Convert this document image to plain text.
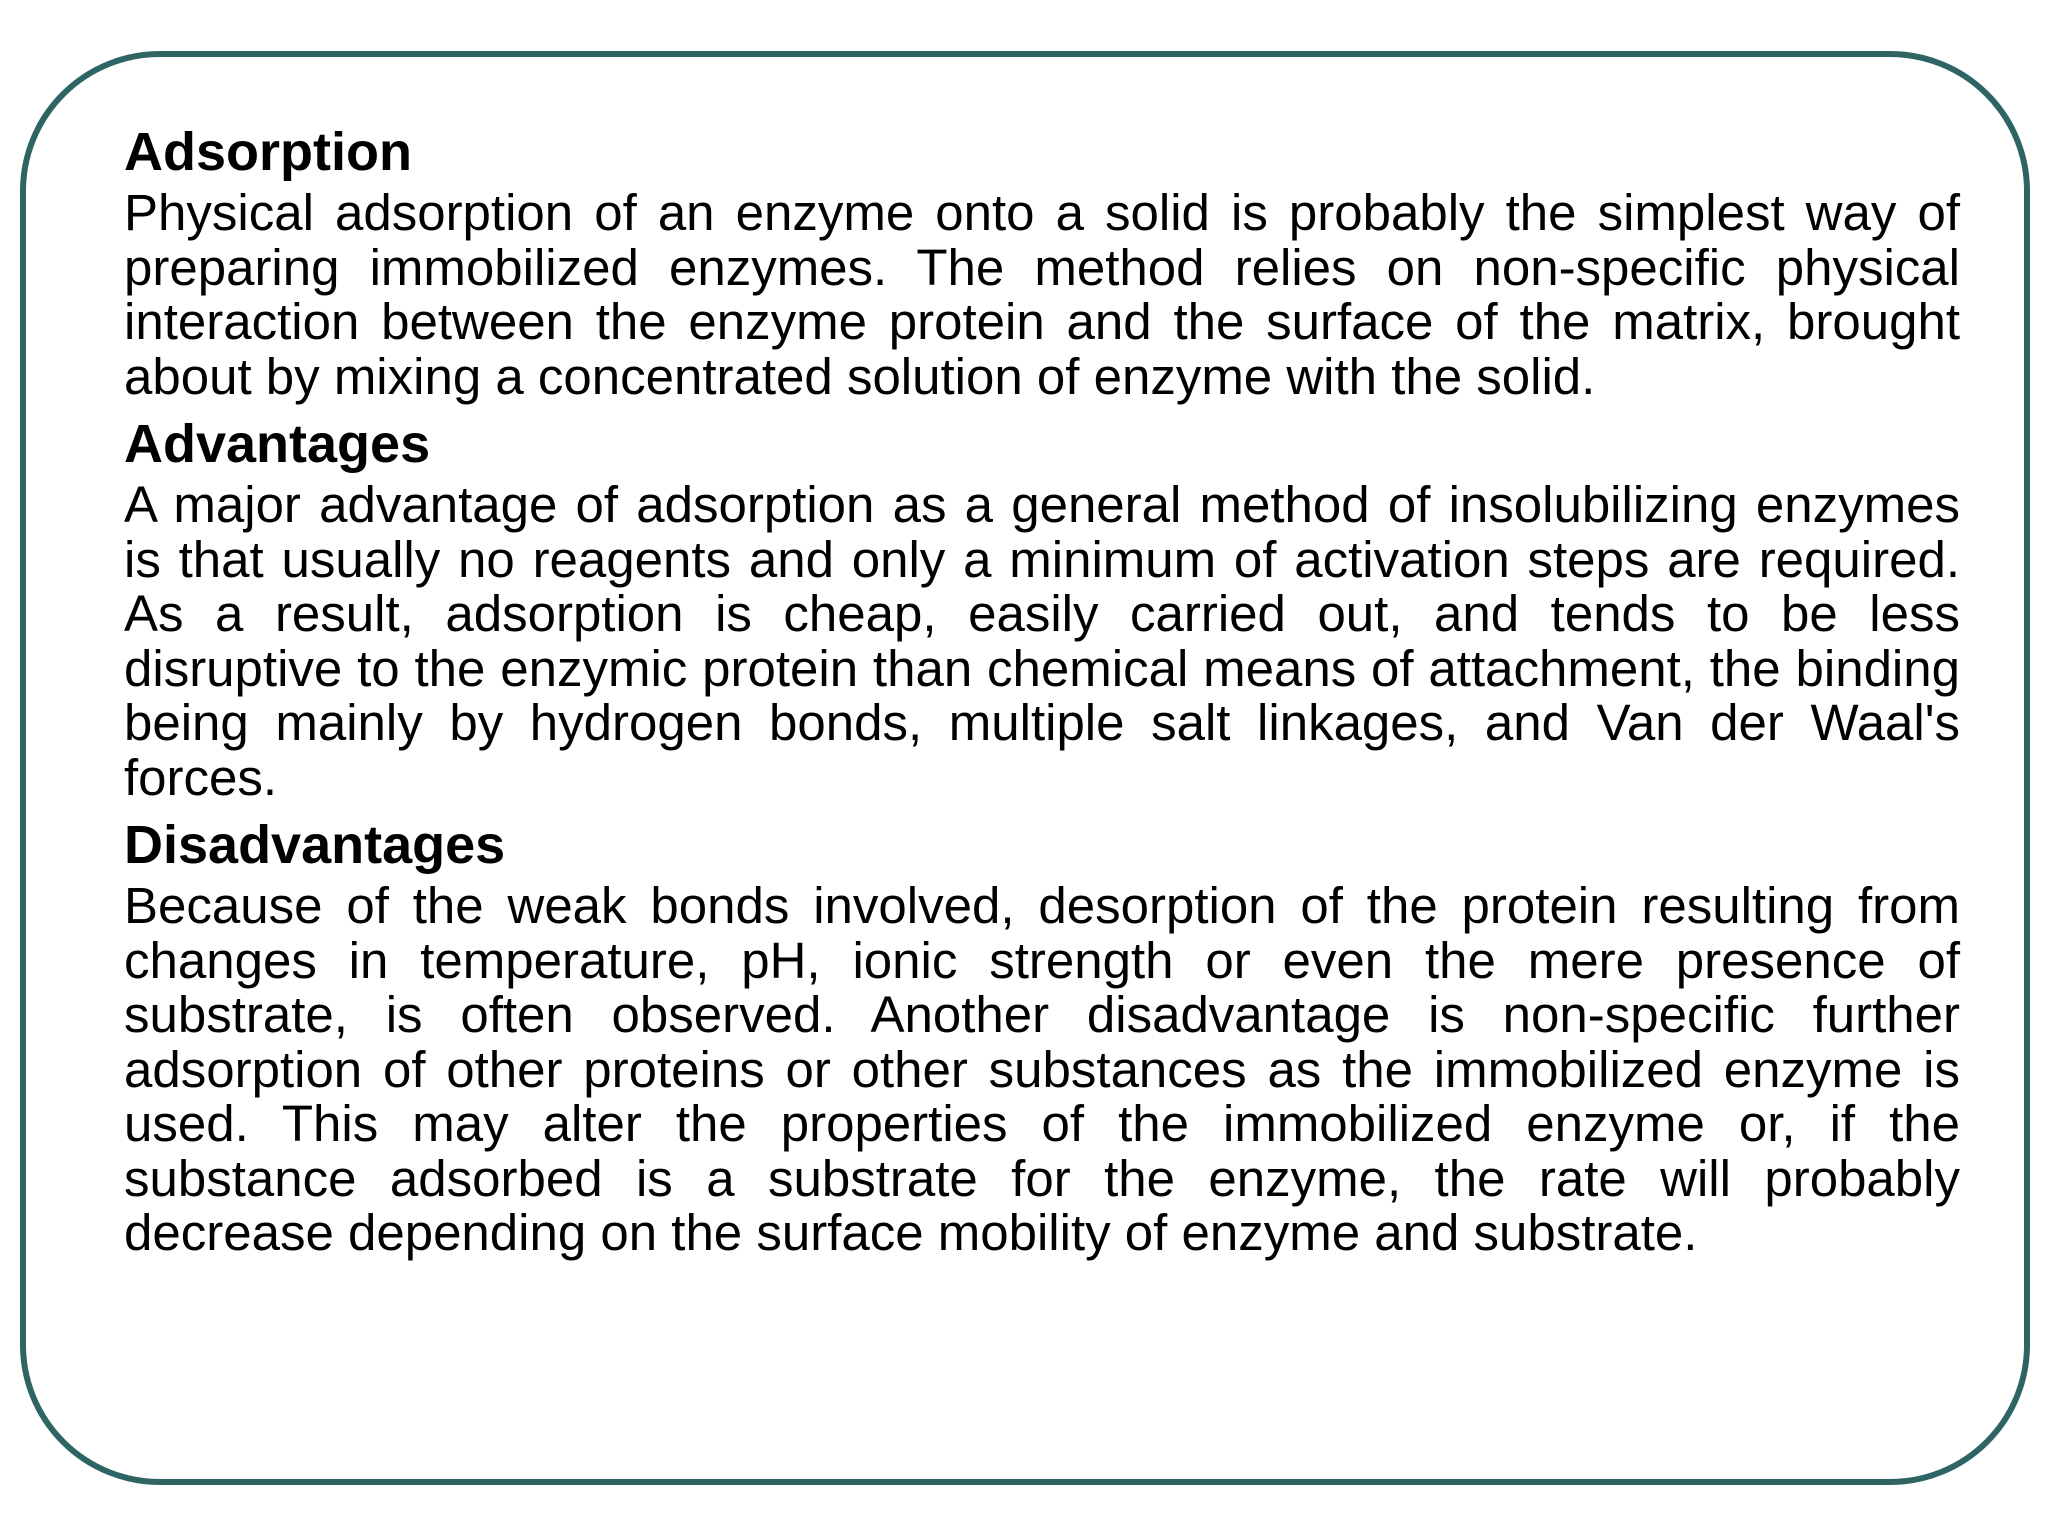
Adsorption

Physical adsorption of an enzyme onto a solid is probably the simplest way of preparing immobilized enzymes. The method relies on non-specific physical interaction between the enzyme protein and the surface of the matrix, brought about by mixing a concentrated solution of enzyme with the solid.

Advantages

A major advantage of adsorption as a general method of insolubilizing enzymes is that usually no reagents and only a minimum of activation steps are required. As a result, adsorption is cheap, easily carried out, and tends to be less disruptive to the enzymic protein than chemical means of attachment, the binding being mainly by hydrogen bonds, multiple salt linkages, and Van der Waal's forces.

Disadvantages

Because of the weak bonds involved, desorption of the protein resulting from changes in temperature, pH, ionic strength or even the mere presence of substrate, is often observed. Another disadvantage is non-specific further adsorption of other proteins or other substances as the immobilized enzyme is used. This may alter the properties of the immobilized enzyme or, if the substance adsorbed is a substrate for the enzyme, the rate will probably decrease depending on the surface mobility of enzyme and substrate.
